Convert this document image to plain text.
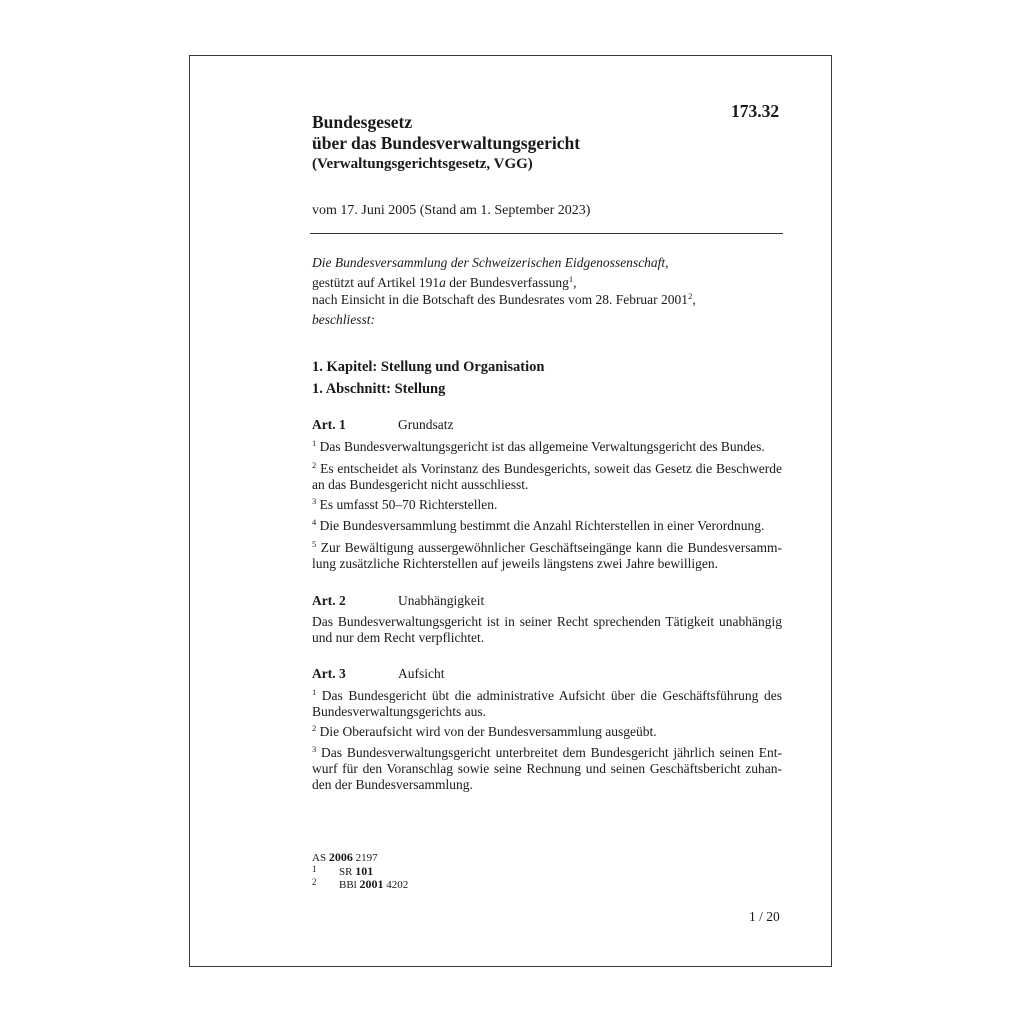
Bundesgesetz
über das Bundesverwaltungsgericht
(Verwaltungsgerichtsgesetz, VGG)
173.32
vom 17. Juni 2005 (Stand am 1. September 2023)
Die Bundesversammlung der Schweizerischen Eidgenossenschaft,
gestützt auf Artikel 191a der Bundesverfassung$^1$,
nach Einsicht in die Botschaft des Bundesrates vom 28. Februar 2001$^2$,
beschliesst:
1. Kapitel: Stellung und Organisation
1. Abschnitt: Stellung
Art. 1	Grundsatz
$^1$ Das Bundesverwaltungsgericht ist das allgemeine Verwaltungsgericht des Bundes.
$^2$ Es entscheidet als Vorinstanz des Bundesgerichts, soweit das Gesetz die Beschwerde an das Bundesgericht nicht ausschliesst.
$^3$ Es umfasst 50–70 Richterstellen.
$^4$ Die Bundesversammlung bestimmt die Anzahl Richterstellen in einer Verordnung.
$^5$ Zur Bewältigung aussergewöhnlicher Geschäftseingänge kann die Bundesversammlung zusätzliche Richterstellen auf jeweils längstens zwei Jahre bewilligen.
Art. 2	Unabhängigkeit
Das Bundesverwaltungsgericht ist in seiner Recht sprechenden Tätigkeit unabhängig und nur dem Recht verpflichtet.
Art. 3	Aufsicht
$^1$ Das Bundesgericht übt die administrative Aufsicht über die Geschäftsführung des Bundesverwaltungsgerichts aus.
$^2$ Die Oberaufsicht wird von der Bundesversammlung ausgeübt.
$^3$ Das Bundesverwaltungsgericht unterbreitet dem Bundesgericht jährlich seinen Entwurf für den Voranschlag sowie seine Rechnung und seinen Geschäftsbericht zuhanden der Bundesversammlung.
AS 2006 2197
1 SR 101
2 BBl 2001 4202
1 / 20
